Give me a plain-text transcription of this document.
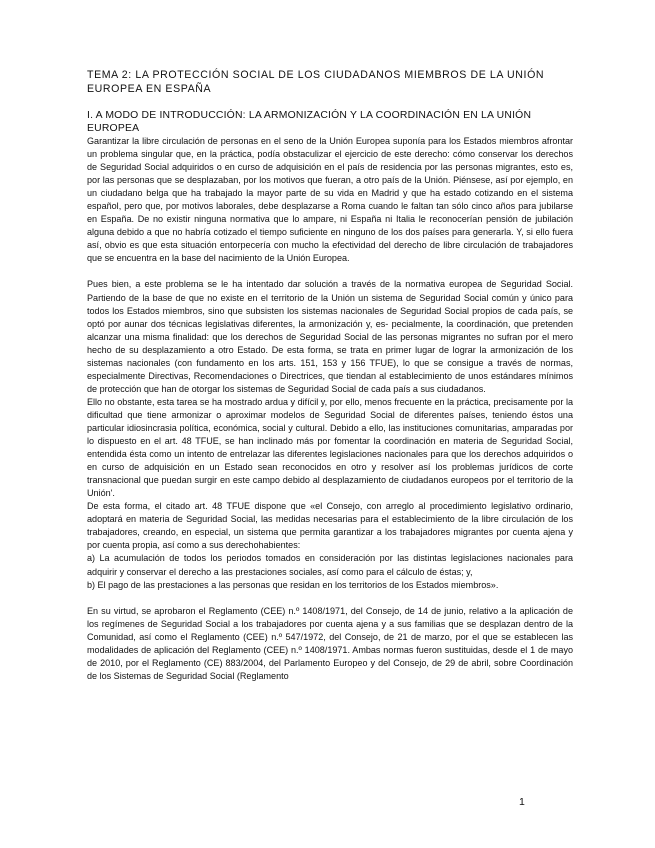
TEMA 2: LA PROTECCIÓN SOCIAL DE LOS CIUDADANOS MIEMBROS DE LA UNIÓN EUROPEA EN ESPAÑA

I. A MODO DE INTRODUCCIÓN: LA ARMONIZACIÓN Y LA COORDINACIÓN EN LA UNIÓN EUROPEA

Garantizar la libre circulación de personas en el seno de la Unión Europea suponía para los Estados miembros afrontar un problema singular que, en la práctica, podía obstaculizar el ejercicio de este derecho: cómo conservar los derechos de Seguridad Social adquiridos o en curso de adquisición en el país de residencia por las personas migrantes, esto es, por las personas que se desplazaban, por los motivos que fueran, a otro país de la Unión. Piénsese, así por ejemplo, en un ciudadano belga que ha trabajado la mayor parte de su vida en Madrid y que ha estado cotizando en el sistema español, pero que, por motivos laborales, debe desplazarse a Roma cuando le faltan tan sólo cinco años para jubilarse en España. De no existir ninguna normativa que lo ampare, ni España ni Italia le reconocerían pensión de jubilación alguna debido a que no habría cotizado el tiempo suficiente en ninguno de los dos países para generarla. Y, si ello fuera así, obvio es que esta situación entorpecería con mucho la efectividad del derecho de libre circulación de trabajadores que se encuentra en la base del nacimiento de la Unión Europea.

Pues bien, a este problema se le ha intentado dar solución a través de la normativa europea de Seguridad Social. Partiendo de la base de que no existe en el territorio de la Unión un sistema de Seguridad Social común y único para todos los Estados miembros, sino que subsisten los sistemas nacionales de Seguridad Social propios de cada país, se optó por aunar dos técnicas legislativas diferentes, la armonización y, es- pecialmente, la coordinación, que pretenden alcanzar una misma finalidad: que los derechos de Seguridad Social de las personas migrantes no sufran por el mero hecho de su desplazamiento a otro Estado. De esta forma, se trata en primer lugar de lograr la armonización de los sistemas nacionales (con fundamento en los arts. 151, 153 y 156 TFUE), lo que se consigue a través de normas, especialmente Directivas, Recomendaciones o Directrices, que tiendan al establecimiento de unos estándares mínimos de protección que han de otorgar los sistemas de Seguridad Social de cada país a sus ciudadanos.

Ello no obstante, esta tarea se ha mostrado ardua y difícil y, por ello, menos frecuente en la práctica, precisamente por la dificultad que tiene armonizar o aproximar modelos de Seguridad Social de diferentes países, teniendo éstos una particular idiosincrasia política, económica, social y cultural. Debido a ello, las instituciones comunitarias, amparadas por lo dispuesto en el art. 48 TFUE, se han inclinado más por fomentar la coordinación en materia de Seguridad Social, entendida ésta como un intento de entrelazar las diferentes legislaciones nacionales para que los derechos adquiridos o en curso de adquisición en un Estado sean reconocidos en otro y resolver así los problemas jurídicos de corte transnacional que puedan surgir en este campo debido al desplazamiento de ciudadanos europeos por el territorio de la Unión'.

De esta forma, el citado art. 48 TFUE dispone que «el Consejo, con arreglo al procedimiento legislativo ordinario, adoptará en materia de Seguridad Social, las medidas necesarias para el establecimiento de la libre circulación de los trabajadores, creando, en especial, un sistema que permita garantizar a los trabajadores migrantes por cuenta ajena y por cuenta propia, así como a sus derechohabientes:

a) La acumulación de todos los periodos tomados en consideración por las distintas legislaciones nacionales para adquirir y conservar el derecho a las prestaciones sociales, así como para el cálculo de éstas; y,

b) El pago de las prestaciones a las personas que residan en los territorios de los Estados miembros».

En su virtud, se aprobaron el Reglamento (CEE) n.º 1408/1971, del Consejo, de 14 de junio, relativo a la aplicación de los regímenes de Seguridad Social a los trabajadores por cuenta ajena y a sus familias que se desplazan dentro de la Comunidad, así como el Reglamento (CEE) n.º 547/1972, del Consejo, de 21 de marzo, por el que se establecen las modalidades de aplicación del Reglamento (CEE) n.º 1408/1971. Ambas normas fueron sustituidas, desde el 1 de mayo de 2010, por el Reglamento (CE) 883/2004, del Parlamento Europeo y del Consejo, de 29 de abril, sobre Coordinación de los Sistemas de Seguridad Social (Reglamento

1
